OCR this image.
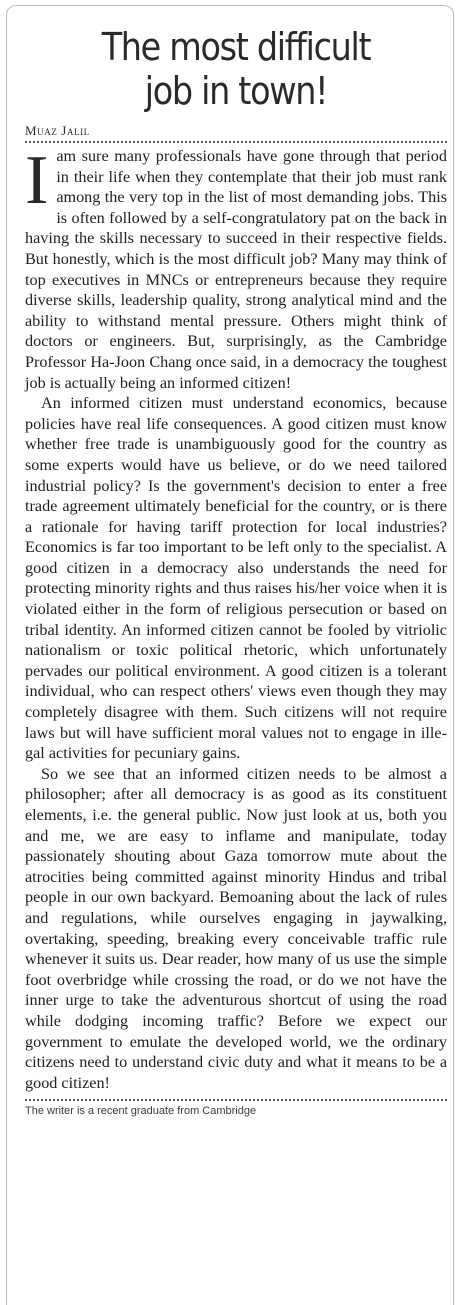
The most difficult
job in town!
Muaz Jalil

Iam sure many professionals have gone through that period in their life when they contemplate that their job must rank among the very top in the list of most demanding jobs. This is often followed by a self-congratulatory pat on the back in having the skills necessary to succeed in their respective fields. But honestly, which is the most difficult job? Many may think of top executives in MNCs or entrepreneurs because they require diverse skills, leadership quality, strong analytical mind and the ability to withstand mental pressure. Others might think of doctors or engineers. But, surprisingly, as the Cambridge Professor Ha-Joon Chang once said, in a democracy the toughest job is actually being an informed citizen!

An informed citizen must understand economics, because policies have real life consequences. A good citizen must know whether free trade is unambiguously good for the country as some experts would have us believe, or do we need tailored industrial policy? Is the government's decision to enter a free trade agreement ultimately beneficial for the country, or is there a rationale for having tariff protection for local industries? Economics is far too important to be left only to the specialist. A good citizen in a democracy also understands the need for protecting minority rights and thus raises his/her voice when it is violated either in the form of religious persecution or based on tribal identity. An informed citizen cannot be fooled by vitriolic nationalism or toxic political rhetoric, which unfortunately pervades our political environment. A good citizen is a tolerant individual, who can respect others' views even though they may completely disagree with them. Such citizens will not require laws but will have sufficient moral values not to engage in illegal activities for pecuniary gains.

So we see that an informed citizen needs to be almost a philosopher; after all democracy is as good as its constituent elements, i.e. the general public. Now just look at us, both you and me, we are easy to inflame and manipulate, today passionately shouting about Gaza tomorrow mute about the atrocities being committed against minority Hindus and tribal people in our own backyard. Bemoaning about the lack of rules and regulations, while ourselves engaging in jaywalking, overtaking, speeding, breaking every conceivable traffic rule whenever it suits us. Dear reader, how many of us use the simple foot overbridge while crossing the road, or do we not have the inner urge to take the adventurous shortcut of using the road while dodging incoming traffic? Before we expect our government to emulate the developed world, we the ordinary citizens need to understand civic duty and what it means to be a good citizen!

The writer is a recent graduate from Cambridge
